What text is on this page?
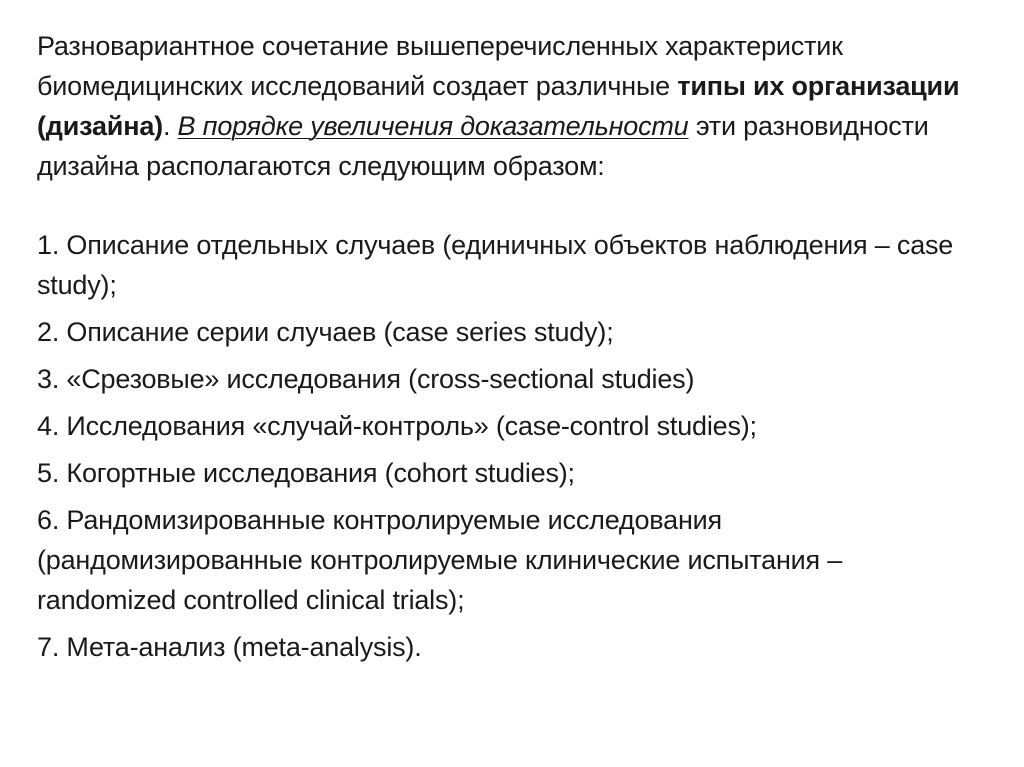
Разновариантное сочетание вышеперечисленных характеристик биомедицинских исследований создает различные типы их организации (дизайна). В порядке увеличения доказательности эти разновидности дизайна располагаются следующим образом:

1. Описание отдельных случаев (единичных объектов наблюдения – case study);
2. Описание серии случаев (case series study);
3. «Срезовые» исследования (cross-sectional studies)
4. Исследования «случай-контроль» (case-control studies);
5. Когортные исследования (cohort studies);
6. Рандомизированные контролируемые исследования (рандомизированные контролируемые клинические испытания – randomized controlled clinical trials);
7. Мета-анализ (meta-analysis).
